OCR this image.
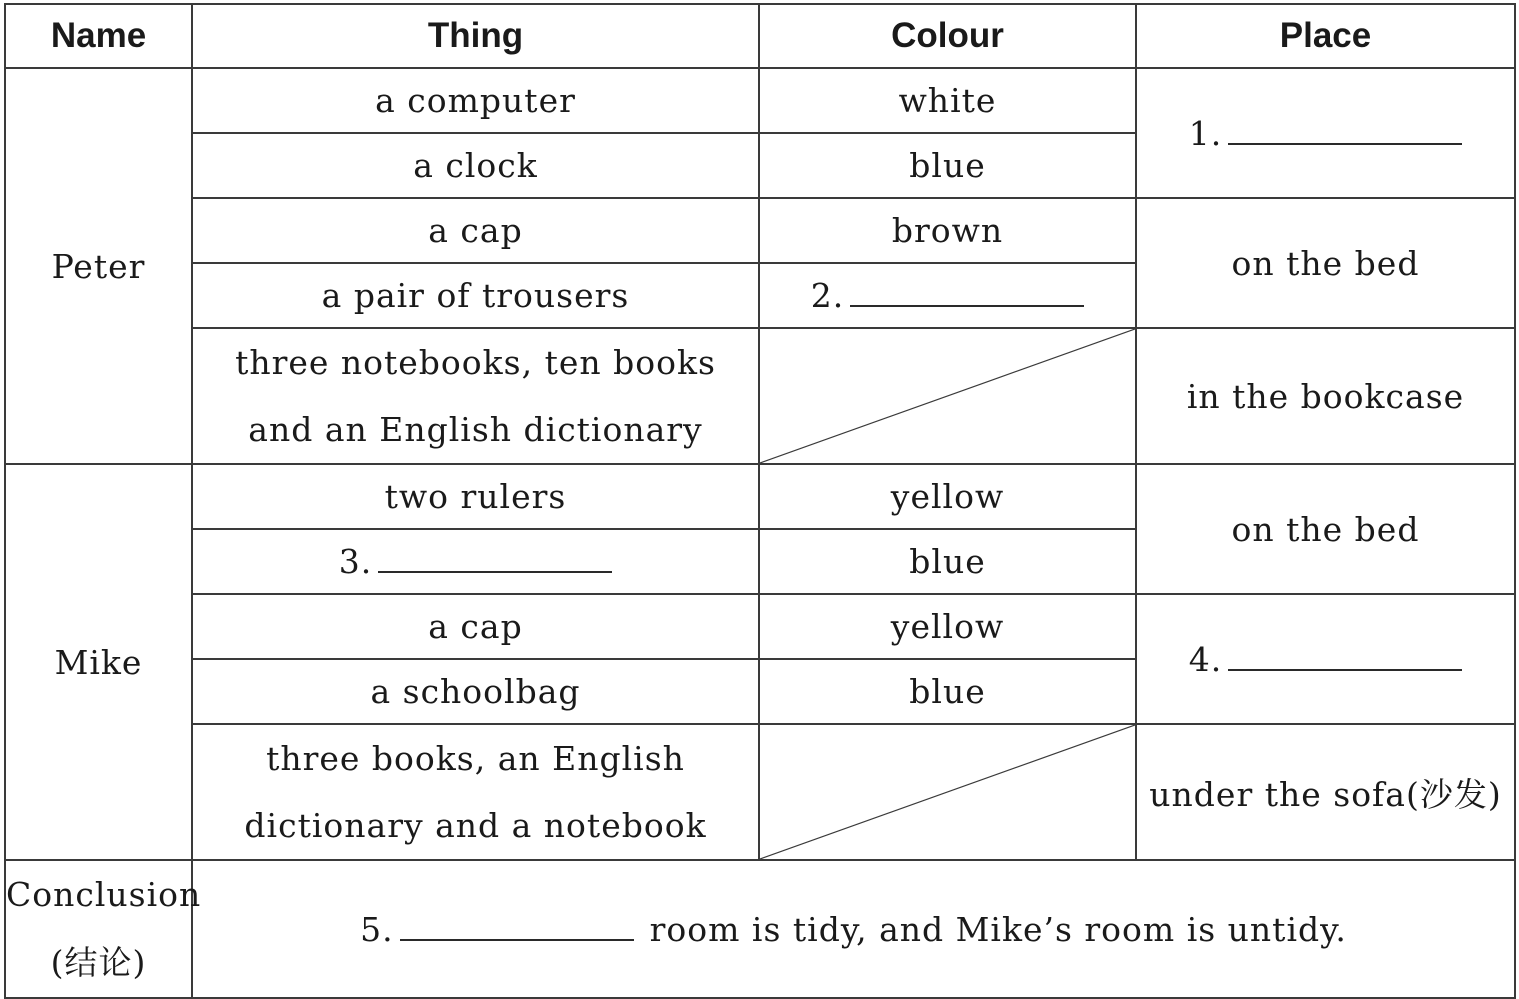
Name	Thing	Colour	Place
Peter	a computer	white	1.

	a clock	blue	
	a cap	brown	on the bed
	a pair of trousers	2.	

	three notebooks, ten books
and an English dictionary		in the bookcase
Mike	two rulers	yellow	on the bed

	3.	blue	
	a cap	yellow	4.

	a schoolbag	blue	

	three books, an English
dictionary and a notebook		under the sofa(沙发)

Conclusion
(结论)	5. room is tidy, and Mike’s room is untidy.		
